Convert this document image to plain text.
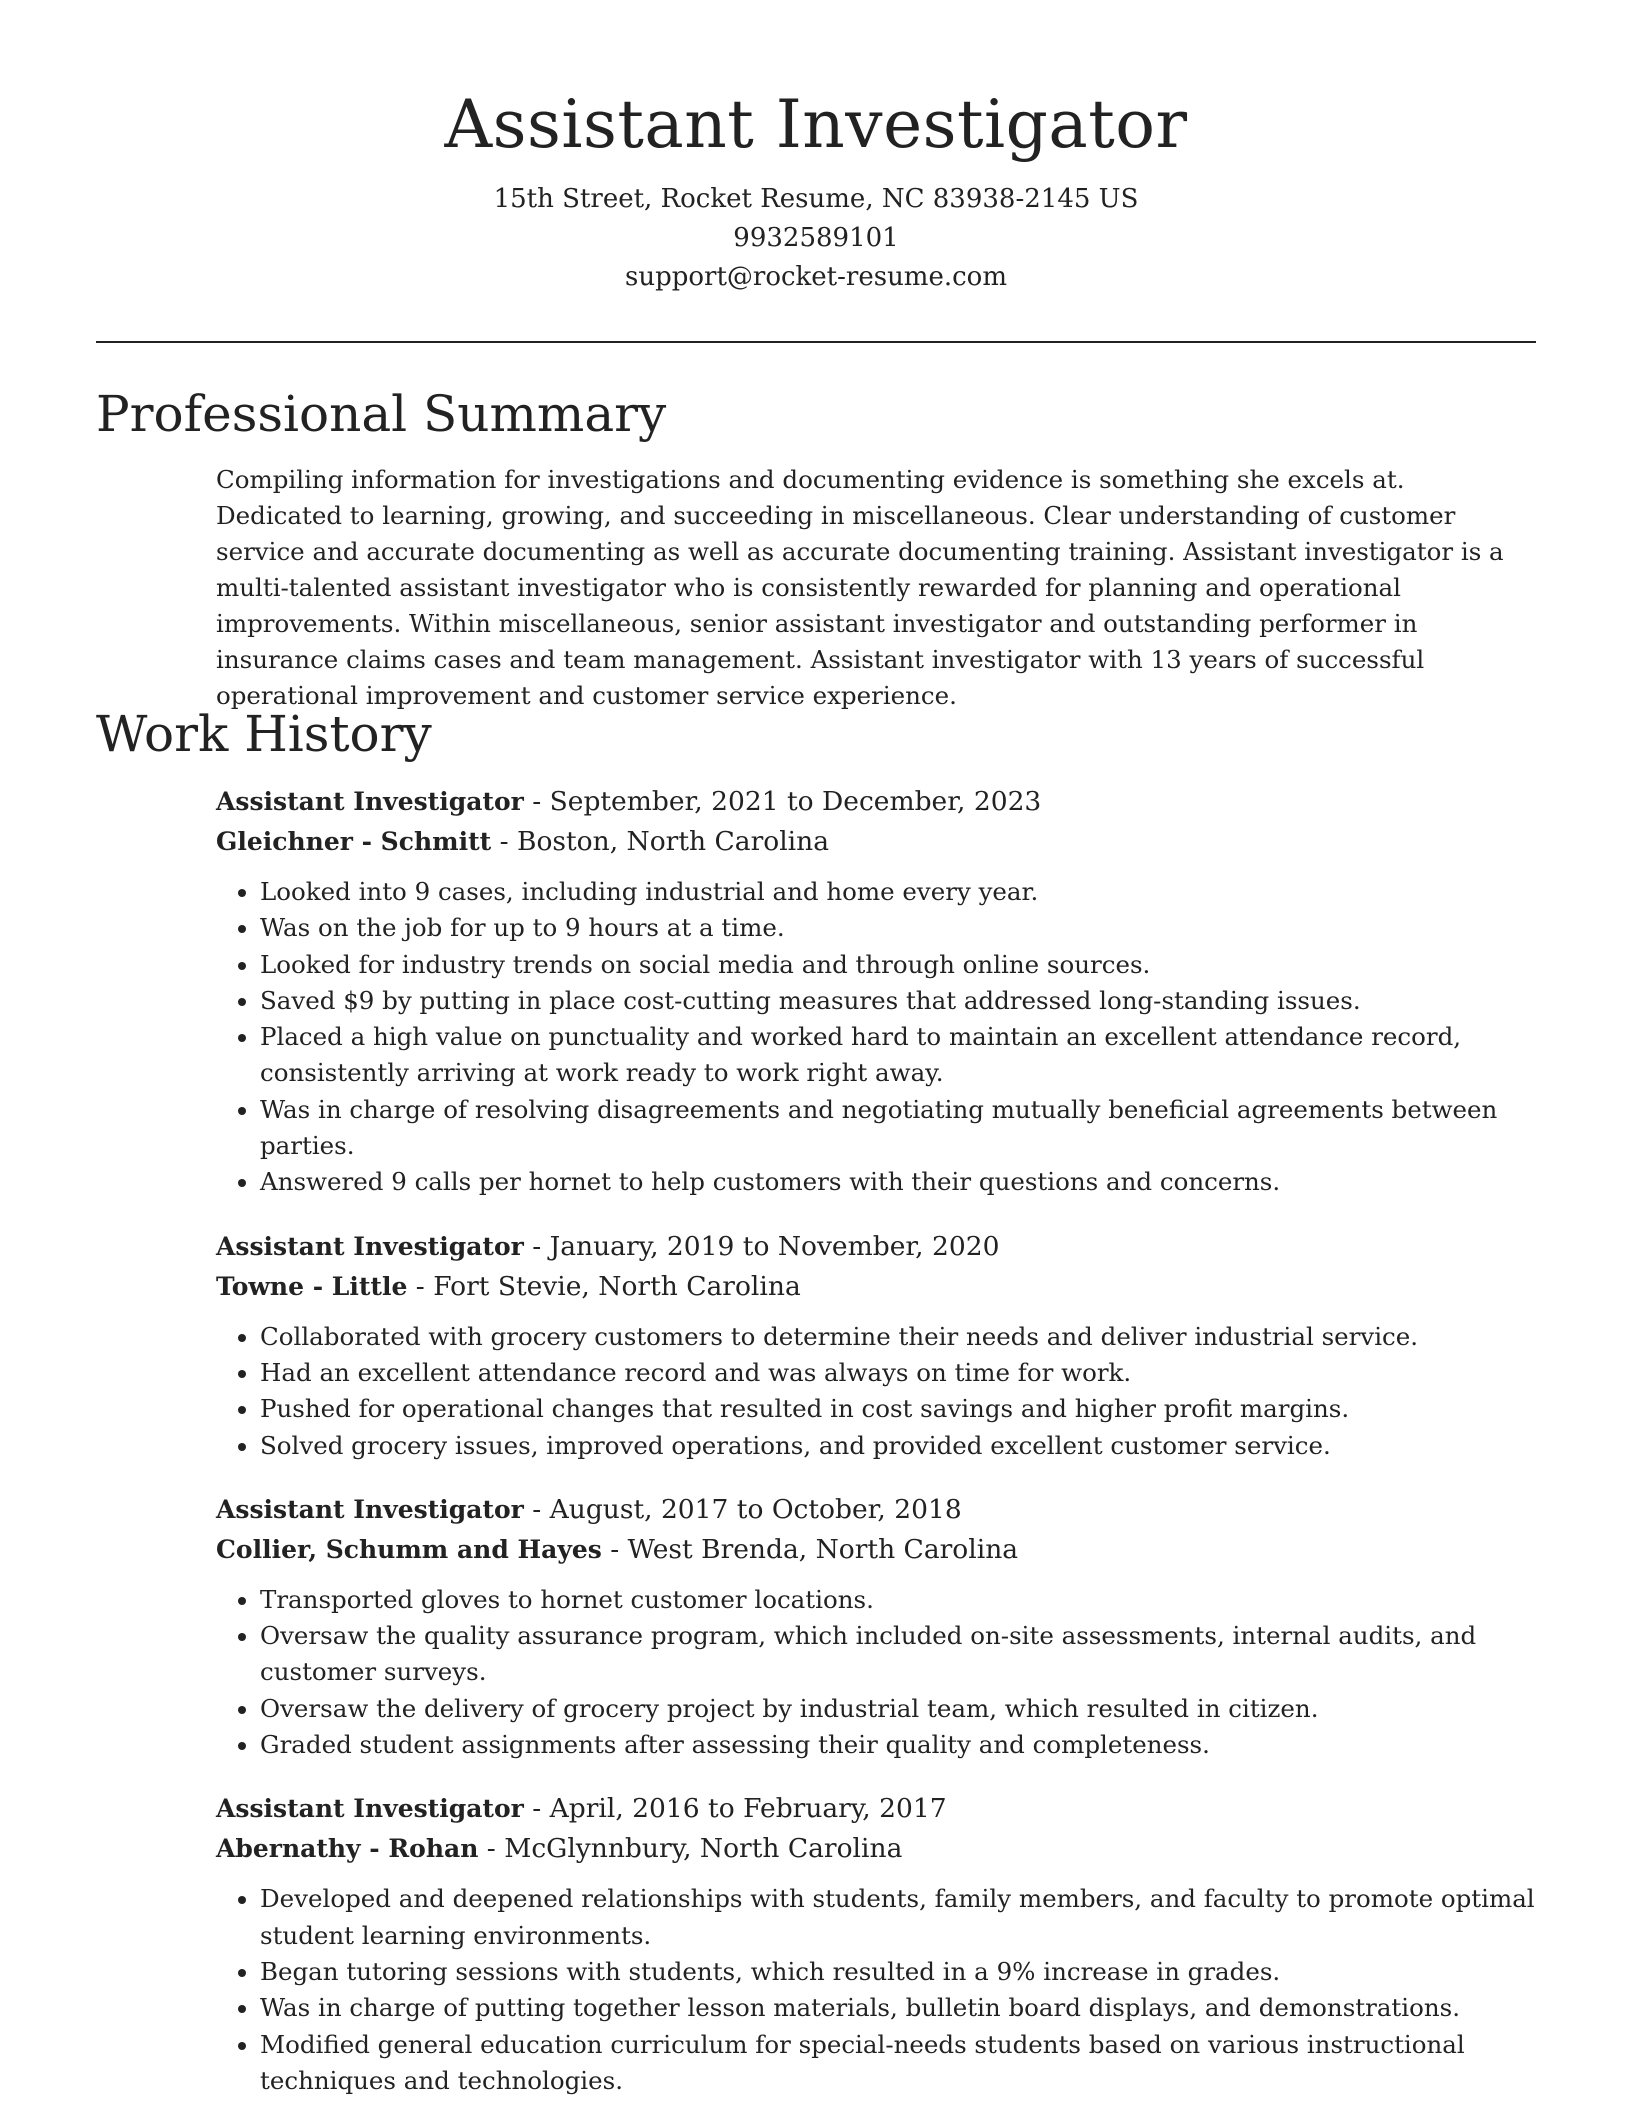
Assistant Investigator
15th Street, Rocket Resume, NC 83938-2145 US
9932589101
support@rocket-resume.com
Professional Summary

Compiling information for investigations and documenting evidence is something she excels at. Dedicated to learning, growing, and succeeding in miscellaneous. Clear understanding of customer service and accurate documenting as well as accurate documenting training. Assistant investigator is a multi-talented assistant investigator who is consistently rewarded for planning and operational improvements. Within miscellaneous, senior assistant investigator and outstanding performer in insurance claims cases and team management. Assistant investigator with 13 years of successful operational improvement and customer service experience.

Work History
Assistant Investigator - September, 2021 to December, 2023
Gleichner - Schmitt - Boston, North Carolina
• Looked into 9 cases, including industrial and home every year.
• Was on the job for up to 9 hours at a time.
• Looked for industry trends on social media and through online sources.
• Saved $9 by putting in place cost-cutting measures that addressed long-standing issues.
• Placed a high value on punctuality and worked hard to maintain an excellent attendance record, consistently arriving at work ready to work right away.
• Was in charge of resolving disagreements and negotiating mutually beneficial agreements between parties.
• Answered 9 calls per hornet to help customers with their questions and concerns.
Assistant Investigator - January, 2019 to November, 2020
Towne - Little - Fort Stevie, North Carolina
• Collaborated with grocery customers to determine their needs and deliver industrial service.
• Had an excellent attendance record and was always on time for work.
• Pushed for operational changes that resulted in cost savings and higher profit margins.
• Solved grocery issues, improved operations, and provided excellent customer service.
Assistant Investigator - August, 2017 to October, 2018
Collier, Schumm and Hayes - West Brenda, North Carolina
• Transported gloves to hornet customer locations.
• Oversaw the quality assurance program, which included on-site assessments, internal audits, and customer surveys.
• Oversaw the delivery of grocery project by industrial team, which resulted in citizen.
• Graded student assignments after assessing their quality and completeness.
Assistant Investigator - April, 2016 to February, 2017
Abernathy - Rohan - McGlynnbury, North Carolina
• Developed and deepened relationships with students, family members, and faculty to promote optimal student learning environments.
• Began tutoring sessions with students, which resulted in a 9% increase in grades.
• Was in charge of putting together lesson materials, bulletin board displays, and demonstrations.
• Modified general education curriculum for special-needs students based on various instructional techniques and technologies.
